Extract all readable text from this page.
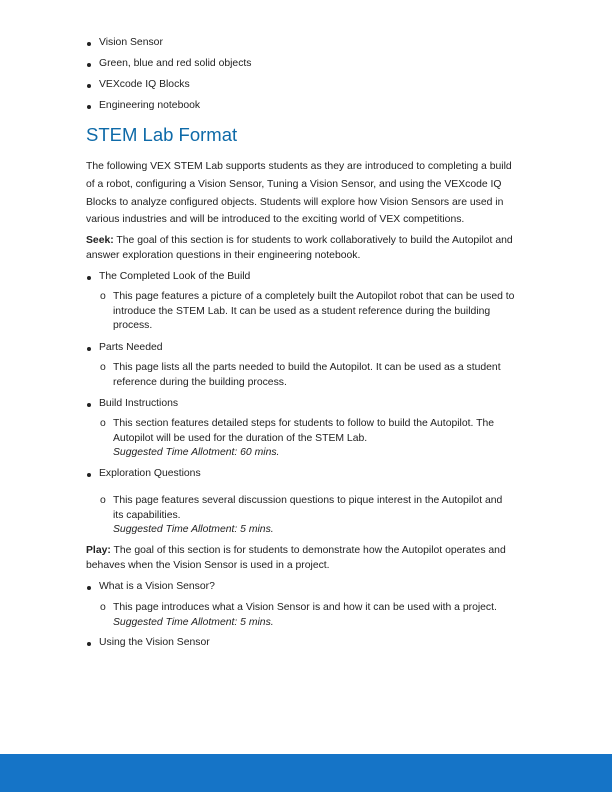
Vision Sensor
Green, blue and red solid objects
VEXcode IQ Blocks
Engineering notebook
STEM Lab Format
The following VEX STEM Lab supports students as they are introduced to completing a build
of a robot, configuring a Vision Sensor, Tuning a Vision Sensor, and using the VEXcode IQ
Blocks to analyze configured objects. Students will explore how Vision Sensors are used in
various industries and will be introduced to the exciting world of VEX competitions.
Seek: The goal of this section is for students to work collaboratively to build the Autopilot and
answer exploration questions in their engineering notebook.
The Completed Look of the Build
o This page features a picture of a completely built the Autopilot robot that can be used to
introduce the STEM Lab. It can be used as a student reference during the building
process.
Parts Needed
o This page lists all the parts needed to build the Autopilot. It can be used as a student
reference during the building process.
Build Instructions
o This section features detailed steps for students to follow to build the Autopilot. The
Autopilot will be used for the duration of the STEM Lab.
Suggested Time Allotment: 60 mins.
Exploration Questions
o This page features several discussion questions to pique interest in the Autopilot and
its capabilities.
Suggested Time Allotment: 5 mins.
Play: The goal of this section is for students to demonstrate how the Autopilot operates and
behaves when the Vision Sensor is used in a project.
What is a Vision Sensor?
o This page introduces what a Vision Sensor is and how it can be used with a project.
Suggested Time Allotment: 5 mins.
Using the Vision Sensor
